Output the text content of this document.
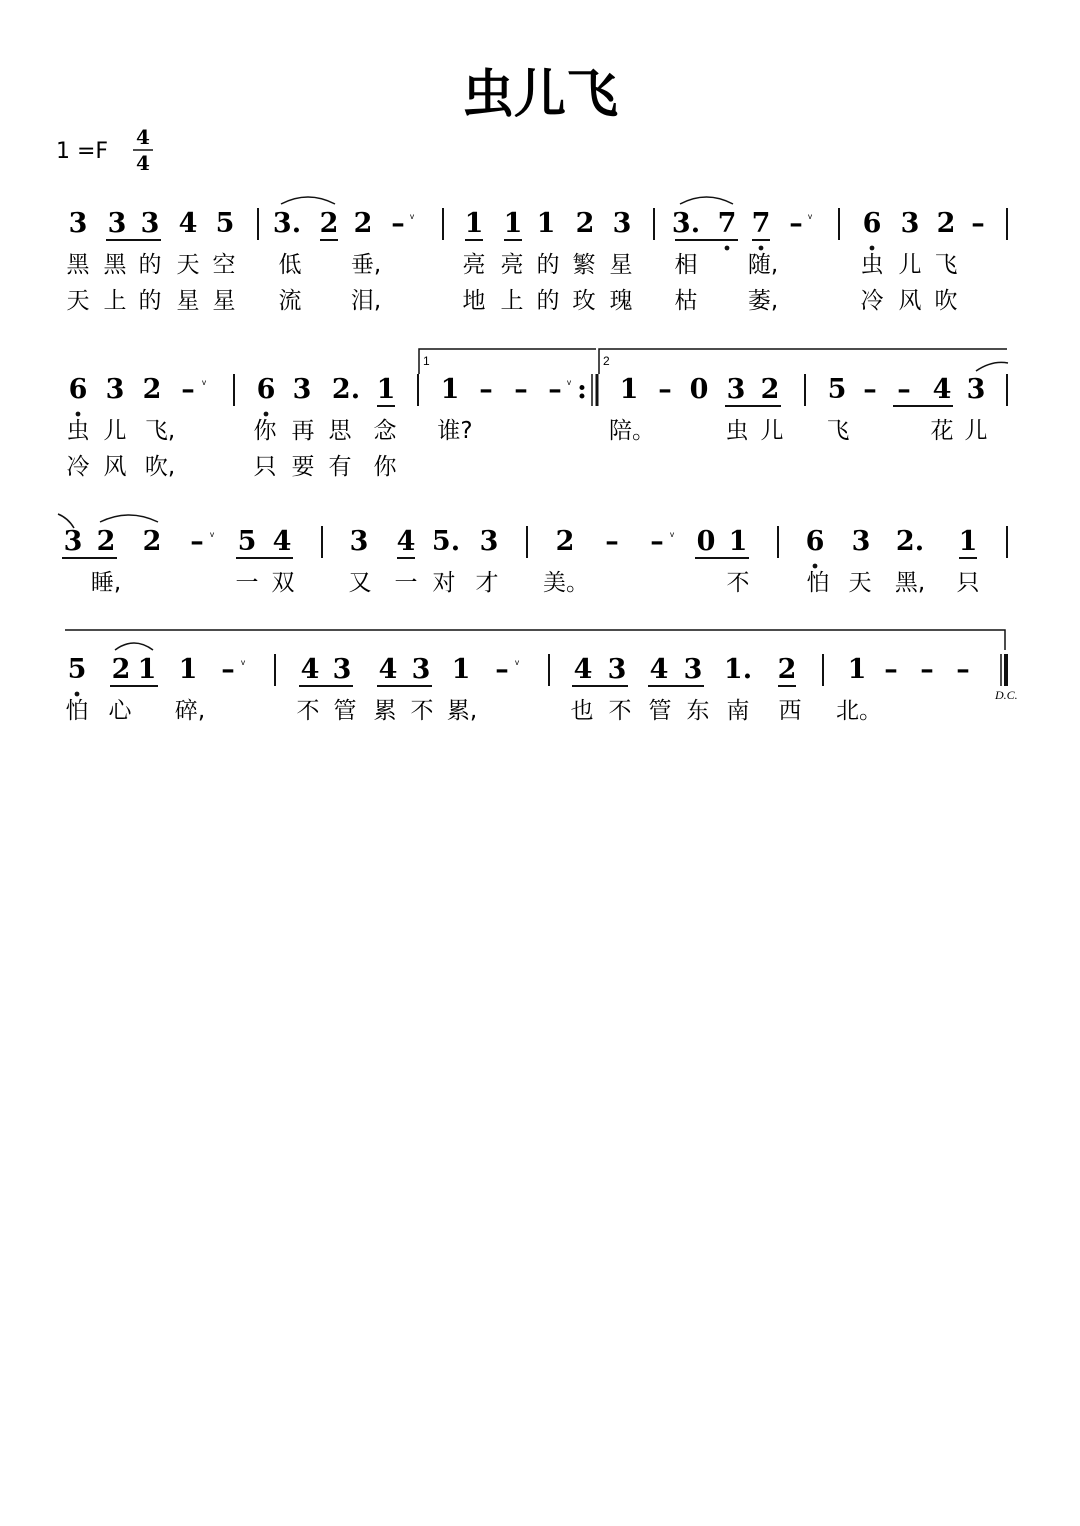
虫儿飞
1 =F
4
4
3 3 3 4 5 3. 2 2 – ᵛ 1 1 1 2 3 3. 7 7 – ᵛ 6 3 2 –
黑 黑 的 天 空 低 垂,	亮 亮 的 繁 星 相 随,	虫 儿 飞
天 上 的 星 星 流 泪,	地 上 的 玫 瑰 枯 萎,	冷 风 吹
6 3 2 – ᵛ 6 3 2. 1 1 – – – ᵛ : 1 – 0 3 2 5 – – 4 3
虫 儿 飞,	你 再 思 念 谁?	陪。	虫 儿 飞	花 儿
冷 风 吹,	只 要 有 你
3 2 2 – ᵛ 5 4 3 4 5. 3 2 – – ᵛ 0 1 6 3 2. 1
睡,	一 双 又 一 对 才 美。	不 怕 天 黑, 只
5 2 1 1 – ᵛ 4 3 4 3 1 – ᵛ 4 3 4 3 1. 2 1 – – –
怕 心 碎,	不 管 累 不 累,	也 不 管 东 南 西 北。
1	2
D.C.
